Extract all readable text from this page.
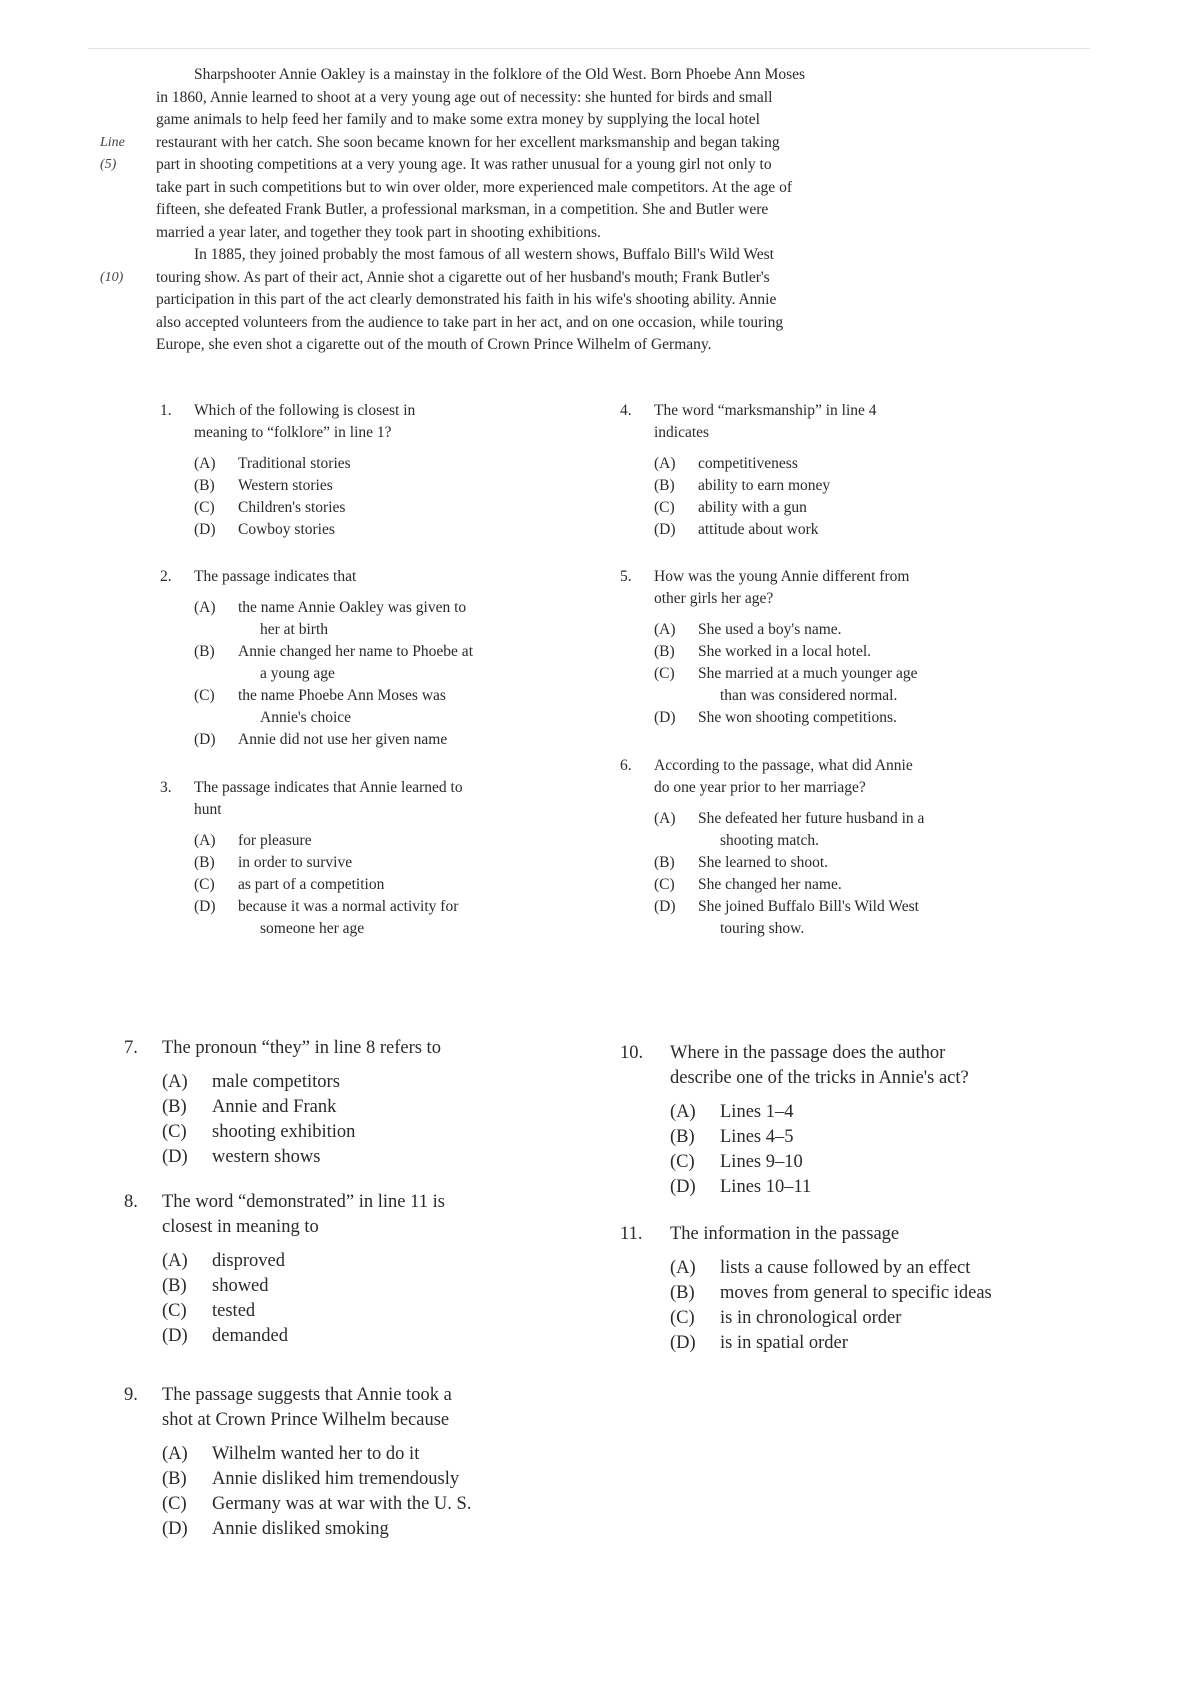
Sharpshooter Annie Oakley is a mainstay in the folklore of the Old West. Born Phoebe Ann Moses
in 1860, Annie learned to shoot at a very young age out of necessity: she hunted for birds and small
game animals to help feed her family and to make some extra money by supplying the local hotel
Line	restaurant with her catch. She soon became known for her excellent marksmanship and began taking
(5)	part in shooting competitions at a very young age. It was rather unusual for a young girl not only to
take part in such competitions but to win over older, more experienced male competitors. At the age of
fifteen, she defeated Frank Butler, a professional marksman, in a competition. She and Butler were
married a year later, and together they took part in shooting exhibitions.
In 1885, they joined probably the most famous of all western shows, Buffalo Bill's Wild West
(10)	touring show. As part of their act, Annie shot a cigarette out of her husband's mouth; Frank Butler's
participation in this part of the act clearly demonstrated his faith in his wife's shooting ability. Annie
also accepted volunteers from the audience to take part in her act, and on one occasion, while touring
Europe, she even shot a cigarette out of the mouth of Crown Prince Wilhelm of Germany.
1. Which of the following is closest in
meaning to “folklore” in line 1?
(A) Traditional stories
(B) Western stories
(C) Children's stories
(D) Cowboy stories
2. The passage indicates that
(A) the name Annie Oakley was given to
her at birth
(B) Annie changed her name to Phoebe at
a young age
(C) the name Phoebe Ann Moses was
Annie's choice
(D) Annie did not use her given name
3. The passage indicates that Annie learned to
hunt
(A) for pleasure
(B) in order to survive
(C) as part of a competition
(D) because it was a normal activity for
someone her age
4. The word “marksmanship” in line 4
indicates
(A) competitiveness
(B) ability to earn money
(C) ability with a gun
(D) attitude about work
5. How was the young Annie different from
other girls her age?
(A) She used a boy's name.
(B) She worked in a local hotel.
(C) She married at a much younger age
than was considered normal.
(D) She won shooting competitions.
6. According to the passage, what did Annie
do one year prior to her marriage?
(A) She defeated her future husband in a
shooting match.
(B) She learned to shoot.
(C) She changed her name.
(D) She joined Buffalo Bill's Wild West
touring show.
7. The pronoun “they” in line 8 refers to
(A) male competitors
(B) Annie and Frank
(C) shooting exhibition
(D) western shows
8. The word “demonstrated” in line 11 is
closest in meaning to
(A) disproved
(B) showed
(C) tested
(D) demanded
9. The passage suggests that Annie took a
shot at Crown Prince Wilhelm because
(A) Wilhelm wanted her to do it
(B) Annie disliked him tremendously
(C) Germany was at war with the U. S.
(D) Annie disliked smoking
10. Where in the passage does the author
describe one of the tricks in Annie's act?
(A) Lines 1–4
(B) Lines 4–5
(C) Lines 9–10
(D) Lines 10–11
11. The information in the passage
(A) lists a cause followed by an effect
(B) moves from general to specific ideas
(C) is in chronological order
(D) is in spatial order
